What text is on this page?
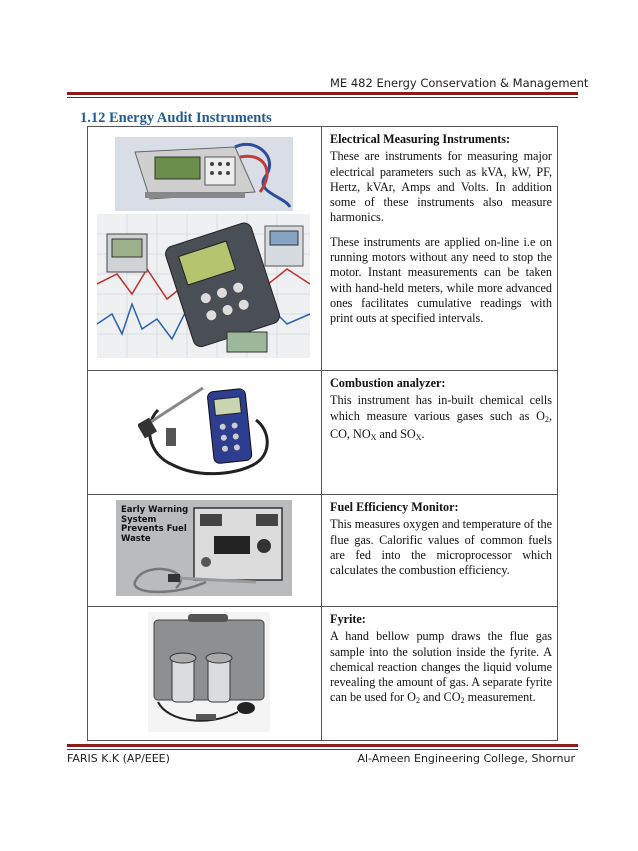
ME 482 Energy Conservation & Management
1.12 Energy Audit Instruments
Early Warning System Prevents Fuel Waste
Electrical Measuring Instruments:

These are instruments for measuring major electrical parameters such as kVA, kW, PF, Hertz, kVAr, Amps and Volts. In addition some of these instruments also measure harmonics.

These instruments are applied on-line i.e on running motors without any need to stop the motor. Instant measurements can be taken with hand-held meters, while more advanced ones facilitates cumulative readings with print outs at specified intervals.

Combustion analyzer:

This instrument has in-built chemical cells which measure various gases such as $O_2$, CO, $NO_X$ and $SO_X$.

Fuel Efficiency Monitor:

This measures oxygen and temperature of the flue gas. Calorific values of common fuels are fed into the microprocessor which calculates the combustion efficiency.

Fyrite:

A hand bellow pump draws the flue gas sample into the solution inside the fyrite. A chemical reaction changes the liquid volume revealing the amount of gas. A separate fyrite can be used for $O_2$ and $CO_2$ measurement.

FARIS K.K (AP/EEE)	Al-Ameen Engineering College, Shornur
